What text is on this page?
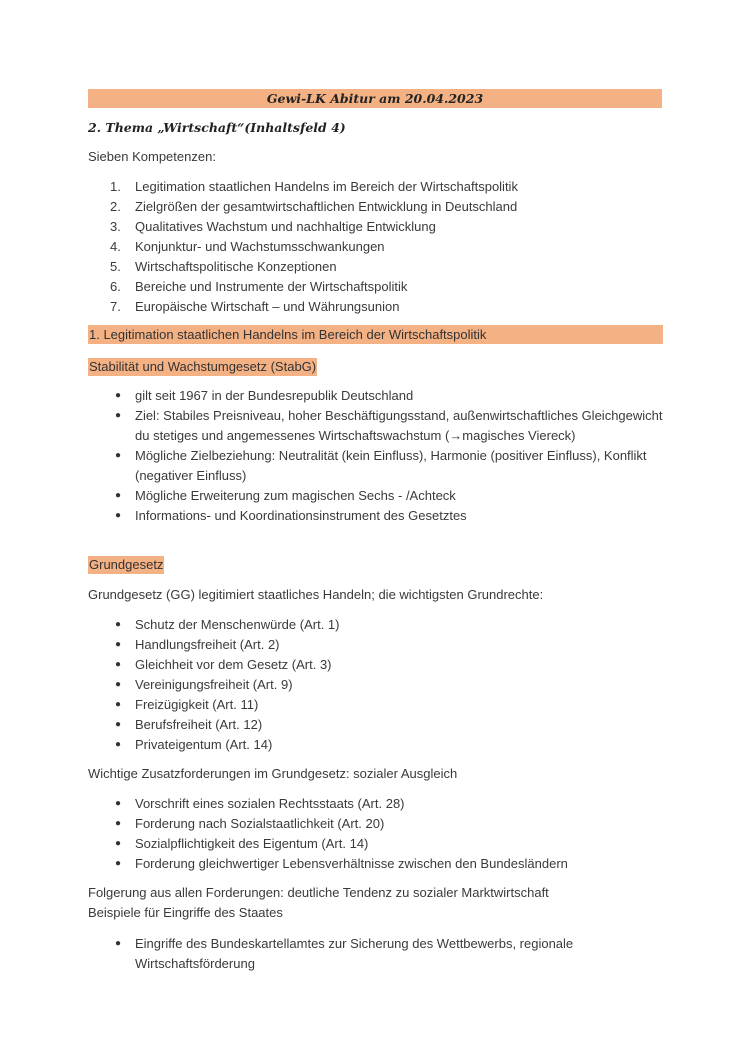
Gewi-LK Abitur am 20.04.2023
2. Thema „Wirtschaft“(Inhaltsfeld 4)
Sieben Kompetenzen:
1.	Legitimation staatlichen Handelns im Bereich der Wirtschaftspolitik
2.	Zielgrößen der gesamtwirtschaftlichen Entwicklung in Deutschland
3.	Qualitatives Wachstum und nachhaltige Entwicklung
4.	Konjunktur- und Wachstumsschwankungen
5.	Wirtschaftspolitische Konzeptionen
6.	Bereiche und Instrumente der Wirtschaftspolitik
7.	Europäische Wirtschaft – und Währungsunion
1. Legitimation staatlichen Handelns im Bereich der Wirtschaftspolitik
Stabilität und Wachstumgesetz (StabG)
● gilt seit 1967 in der Bundesrepublik Deutschland
● Ziel: Stabiles Preisniveau, hoher Beschäftigungsstand, außenwirtschaftliches Gleichgewicht du stetiges und angemessenes Wirtschaftswachstum (→magisches Viereck)
● Mögliche Zielbeziehung: Neutralität (kein Einfluss), Harmonie (positiver Einfluss), Konflikt (negativer Einfluss)
● Mögliche Erweiterung zum magischen Sechs - /Achteck
● Informations- und Koordinationsinstrument des Gesetztes
Grundgesetz
Grundgesetz (GG) legitimiert staatliches Handeln; die wichtigsten Grundrechte:
● Schutz der Menschenwürde (Art. 1)
● Handlungsfreiheit (Art. 2)
● Gleichheit vor dem Gesetz (Art. 3)
● Vereinigungsfreiheit (Art. 9)
● Freizügigkeit (Art. 11)
● Berufsfreiheit (Art. 12)
● Privateigentum (Art. 14)
Wichtige Zusatzforderungen im Grundgesetz: sozialer Ausgleich
● Vorschrift eines sozialen Rechtsstaats (Art. 28)
● Forderung nach Sozialstaatlichkeit (Art. 20)
● Sozialpflichtigkeit des Eigentum (Art. 14)
● Forderung gleichwertiger Lebensverhältnisse zwischen den Bundesländern
Folgerung aus allen Forderungen: deutliche Tendenz zu sozialer Marktwirtschaft
Beispiele für Eingriffe des Staates
● Eingriffe des Bundeskartellamtes zur Sicherung des Wettbewerbs, regionale Wirtschaftsförderung
